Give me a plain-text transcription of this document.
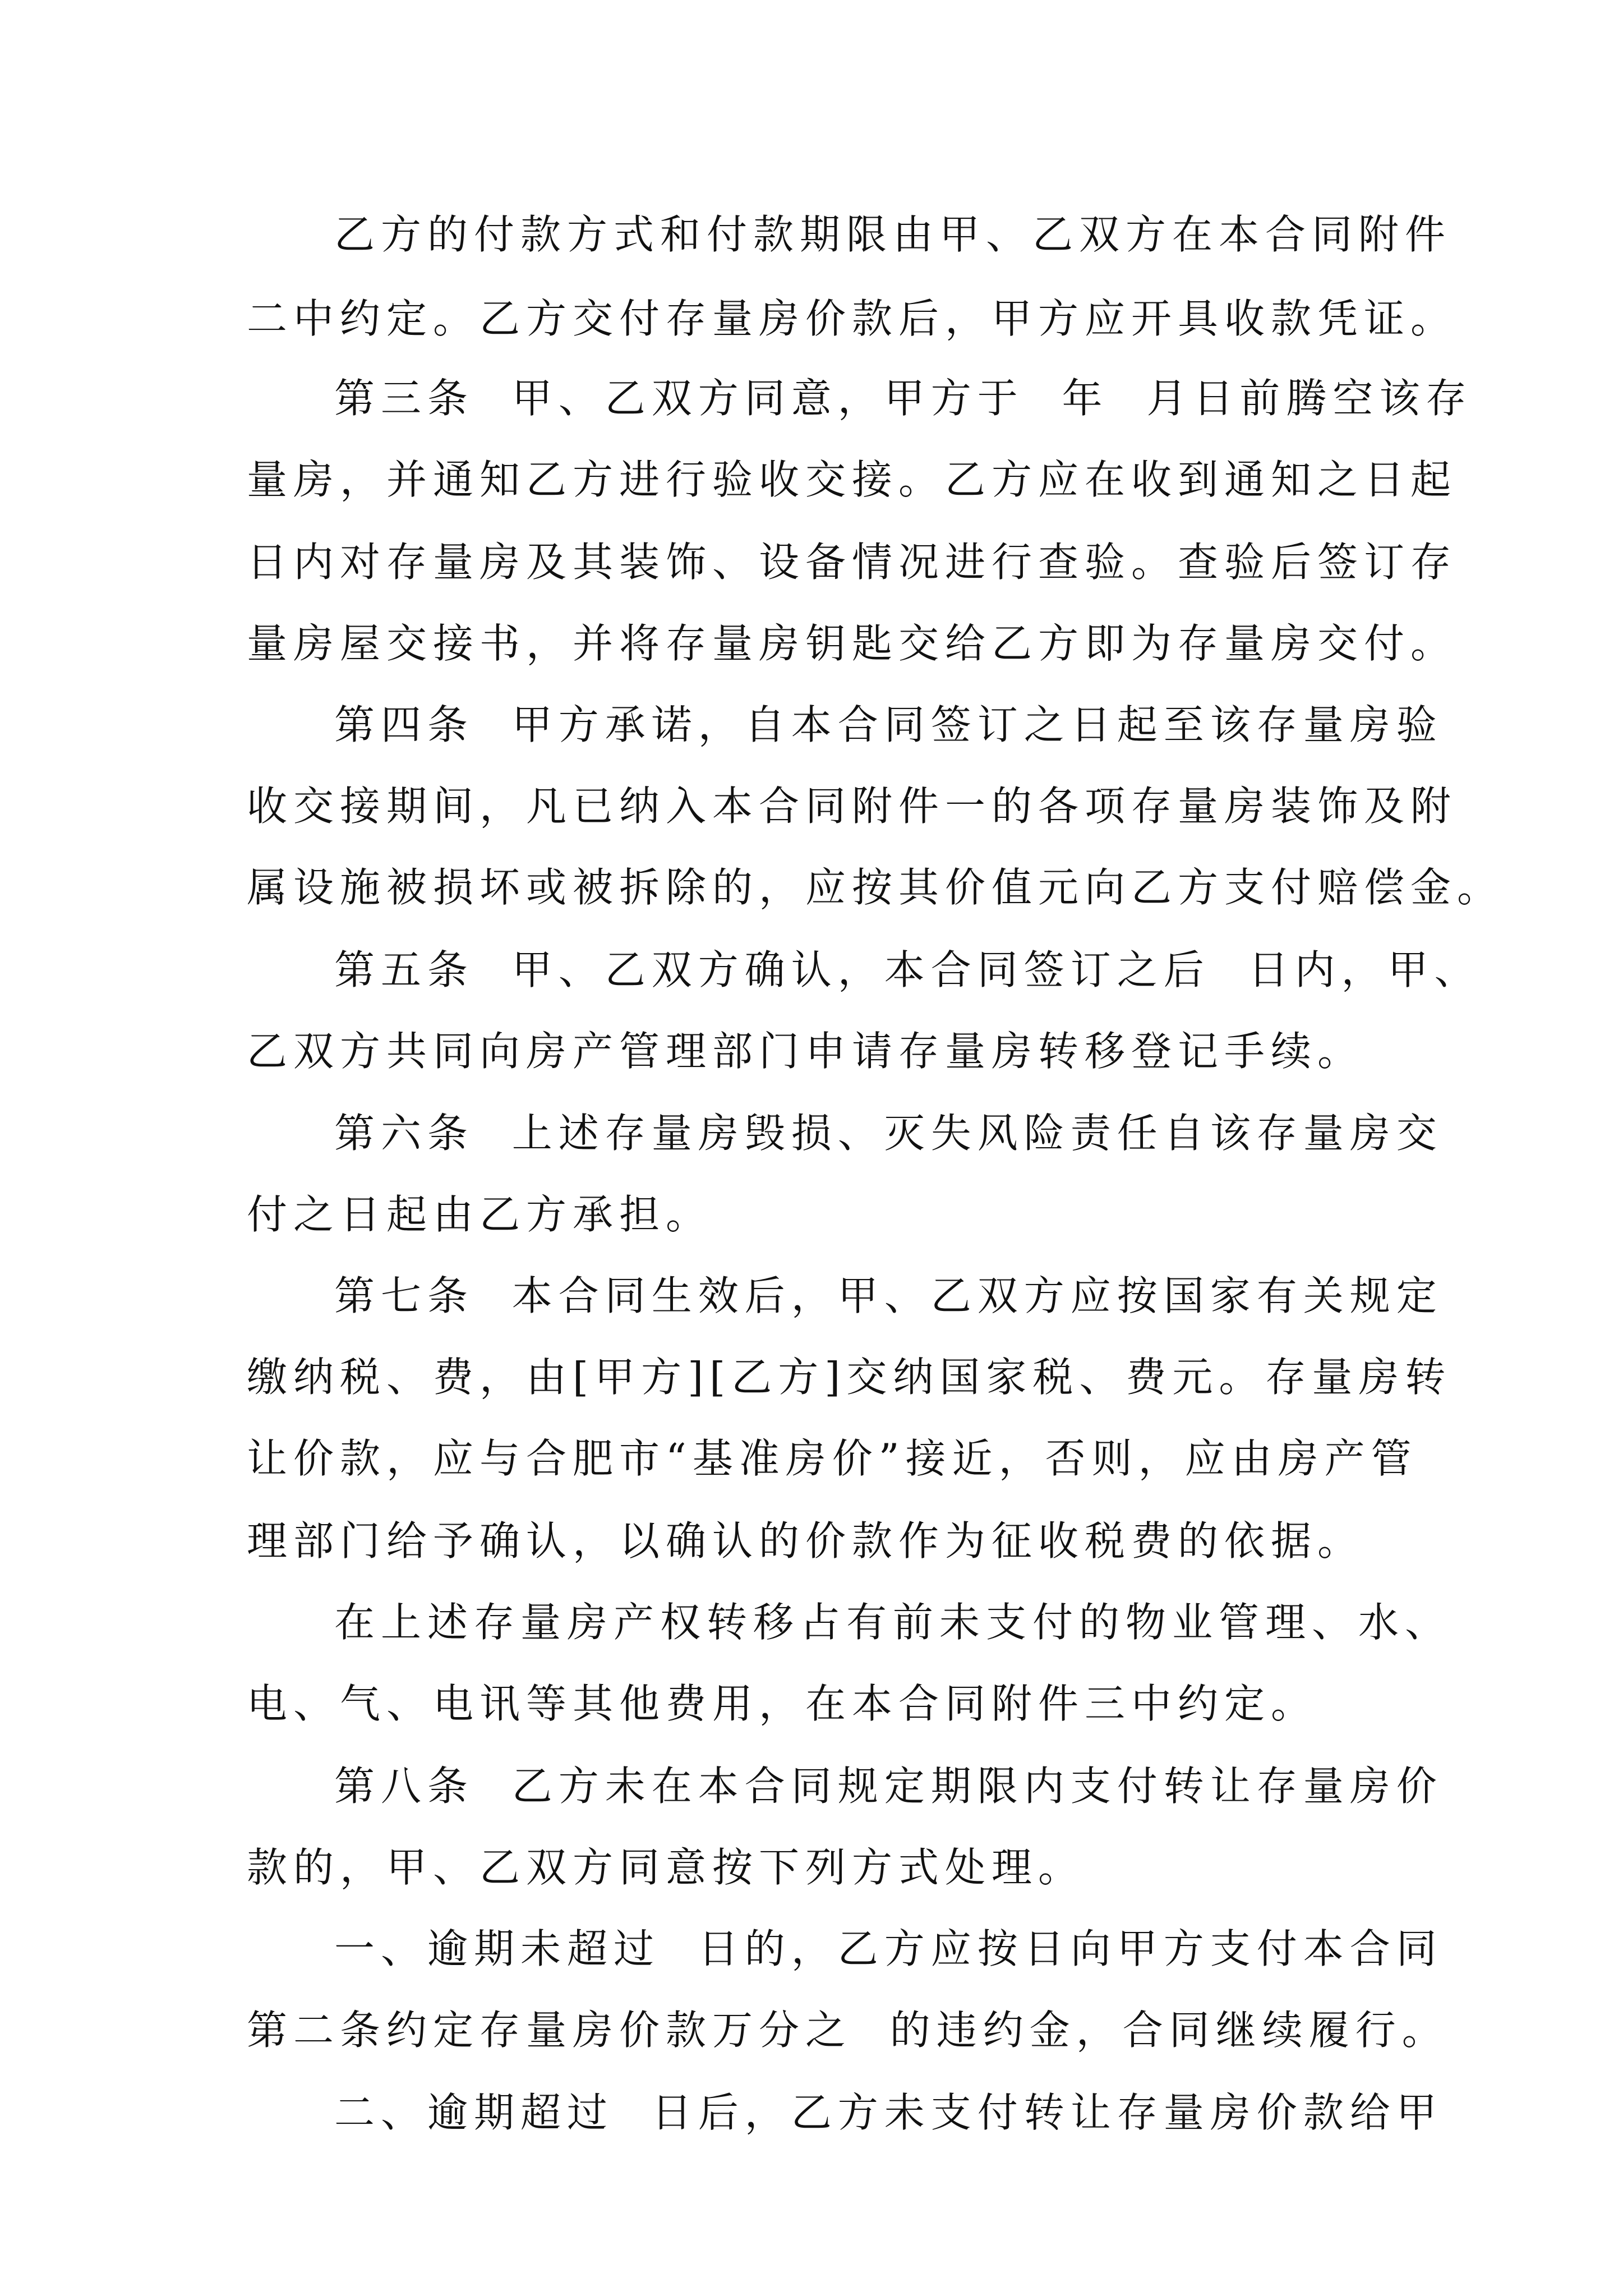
乙方的付款方式和付款期限由甲、乙双方在本合同附件
二中约定。乙方交付存量房价款后，甲方应开具收款凭证。
第三条  甲、乙双方同意，甲方于  年  月日前腾空该存
量房，并通知乙方进行验收交接。乙方应在收到通知之日起
日内对存量房及其装饰、设备情况进行查验。查验后签订存
量房屋交接书，并将存量房钥匙交给乙方即为存量房交付。
第四条  甲方承诺，自本合同签订之日起至该存量房验
收交接期间，凡已纳入本合同附件一的各项存量房装饰及附
属设施被损坏或被拆除的，应按其价值元向乙方支付赔偿金。
第五条  甲、乙双方确认，本合同签订之后  日内，甲、
乙双方共同向房产管理部门申请存量房转移登记手续。
第六条  上述存量房毁损、灭失风险责任自该存量房交
付之日起由乙方承担。
第七条  本合同生效后，甲、乙双方应按国家有关规定
缴纳税、费，由[甲方][乙方]交纳国家税、费元。存量房转
让价款，应与合肥市“基准房价”接近，否则，应由房产管
理部门给予确认，以确认的价款作为征收税费的依据。
在上述存量房产权转移占有前未支付的物业管理、水、
电、气、电讯等其他费用，在本合同附件三中约定。
第八条  乙方未在本合同规定期限内支付转让存量房价
款的，甲、乙双方同意按下列方式处理。
一、逾期未超过  日的，乙方应按日向甲方支付本合同
第二条约定存量房价款万分之  的违约金，合同继续履行。
二、逾期超过  日后，乙方未支付转让存量房价款给甲
